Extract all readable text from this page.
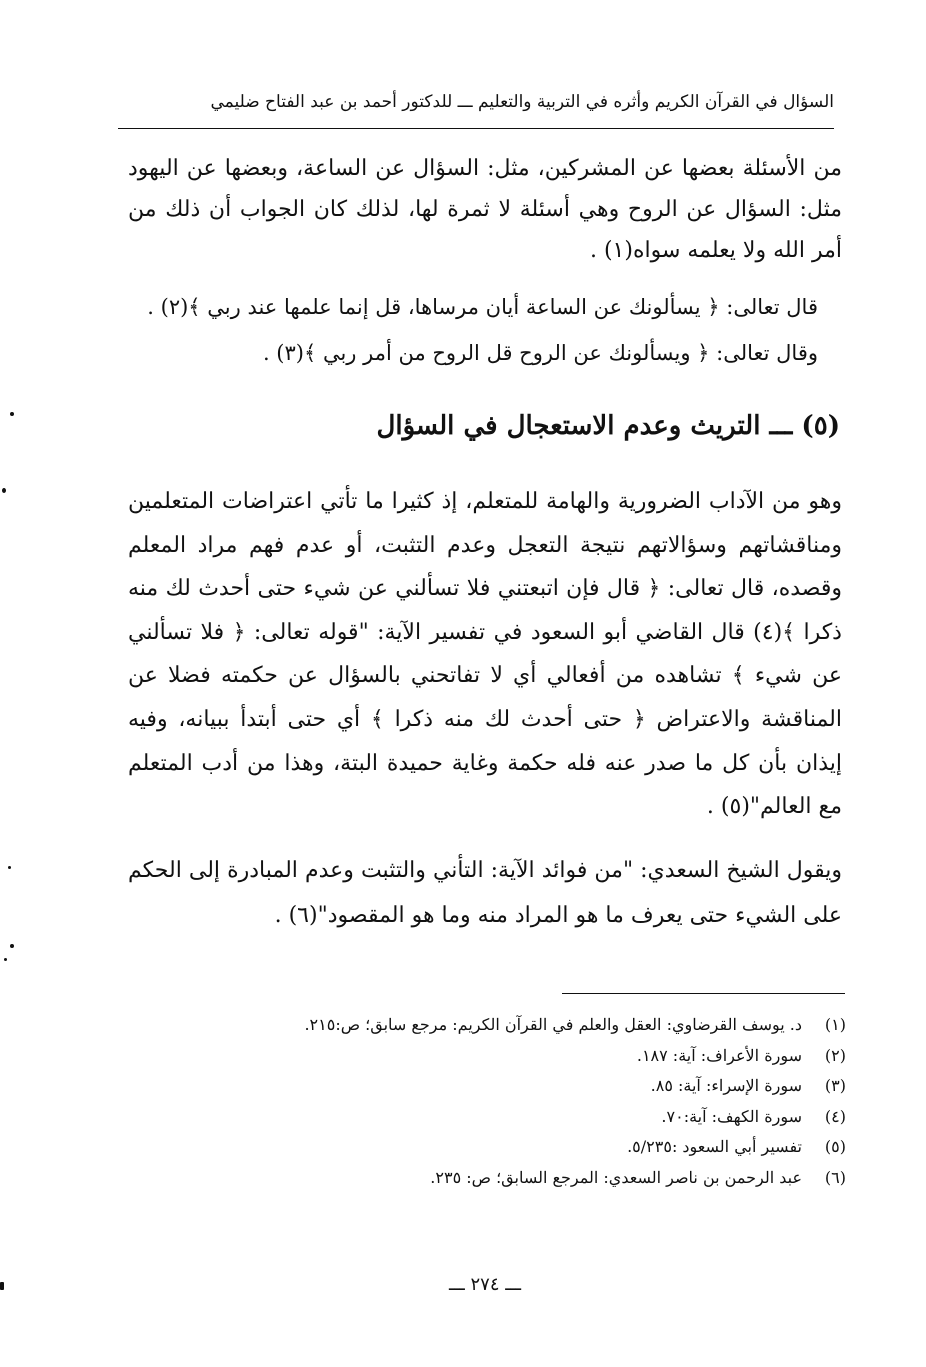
السؤال في القرآن الكريم وأثره في التربية والتعليم ـــ للدكتور أحمد بن عبد الفتاح ضليمي

من الأسئلة بعضها عن المشركين، مثل: السؤال عن الساعة، وبعضها عن اليهود مثل: السؤال عن الروح وهي أسئلة لا ثمرة لها، لذلك كان الجواب أن ذلك من أمر الله ولا يعلمه سواه(١) .

قال تعالى: ﴿ يسألونك عن الساعة أيان مرساها، قل إنما علمها عند ربي ﴾(٢) .
وقال تعالى: ﴿ ويسألونك عن الروح قل الروح من أمر ربي ﴾(٣) .
(٥) ـــ التريث وعدم الاستعجال في السؤال

وهو من الآداب الضرورية والهامة للمتعلم، إذ كثيرا ما تأتي اعتراضات المتعلمين ومناقشاتهم وسؤالاتهم نتيجة التعجل وعدم التثبت، أو عدم فهم مراد المعلم وقصده، قال تعالى: ﴿ قال فإن اتبعتني فلا تسألني عن شيء حتى أحدث لك منه ذكرا ﴾(٤) قال القاضي أبو السعود في تفسير الآية: "قوله تعالى: ﴿ فلا تسألني عن شيء ﴾ تشاهده من أفعالي أي لا تفاتحني بالسؤال عن حكمته فضلا عن المناقشة والاعتراض ﴿ حتى أحدث لك منه ذكرا ﴾ أي حتى أبتدأ ببيانه، وفيه إيذان بأن كل ما صدر عنه فله حكمة وغاية حميدة البتة، وهذا من أدب المتعلم مع العالم"(٥) .

ويقول الشيخ السعدي: "من فوائد الآية: التأني والتثبت وعدم المبادرة إلى الحكم على الشيء حتى يعرف ما هو المراد منه وما هو المقصود"(٦) .

(١)
د. يوسف القرضاوي: العقل والعلم في القرآن الكريم: مرجع سابق؛ ص:٢١٥.
(٢)
سورة الأعراف: آية: ١٨٧.
(٣)
سورة الإسراء: آية: ٨٥.
(٤)
سورة الكهف: آية:٧٠.
(٥)
تفسير أبي السعود :٥/٢٣٥.
(٦)
عبد الرحمن بن ناصر السعدي: المرجع السابق؛ ص: ٢٣٥.
ـــ ٢٧٤ ـــ
